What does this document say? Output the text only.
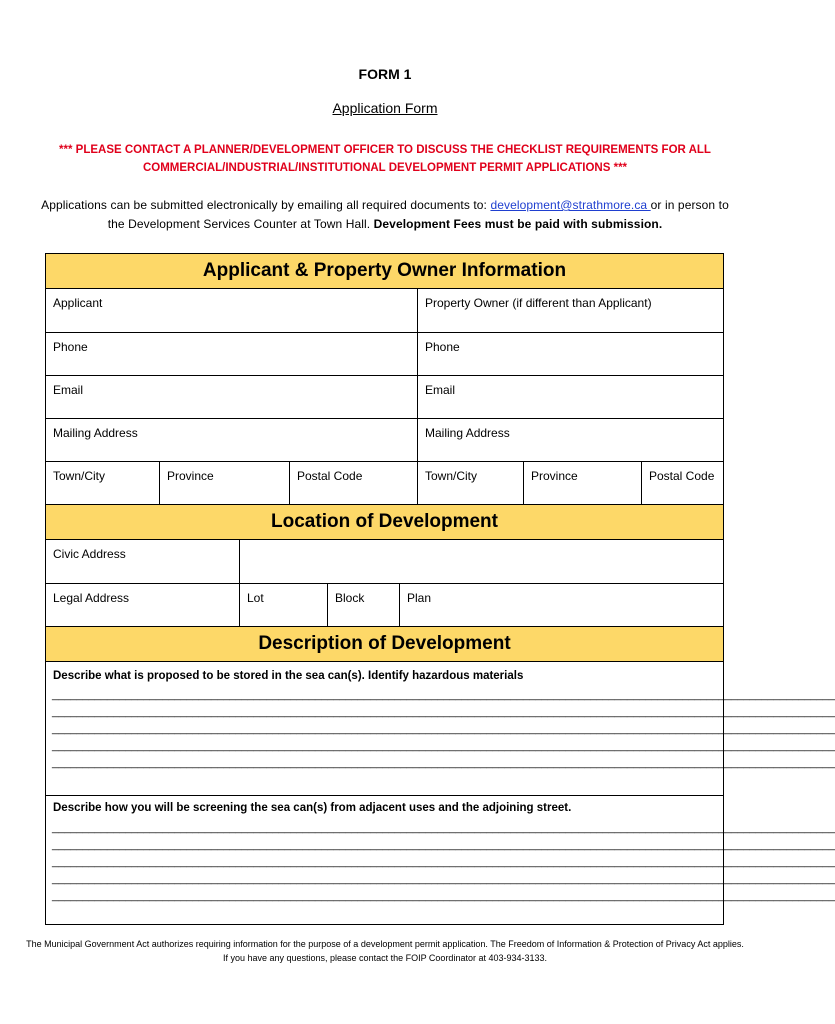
FORM 1
Application Form
*** PLEASE CONTACT A PLANNER/DEVELOPMENT OFFICER TO DISCUSS THE CHECKLIST REQUIREMENTS FOR ALL COMMERCIAL/INDUSTRIAL/INSTITUTIONAL DEVELOPMENT PERMIT APPLICATIONS ***
Applications can be submitted electronically by emailing all required documents to: development@strathmore.ca or in person to the Development Services Counter at Town Hall. Development Fees must be paid with submission.
Applicant & Property Owner Information
Applicant	Property Owner (if different than Applicant)
Phone	Phone
Email	Email
Mailing Address	Mailing Address
Town/City	Province	Postal Code	Town/City	Province	Postal Code
Location of Development
Civic Address
Legal Address	Lot	Block	Plan
Description of Development
Describe what is proposed to be stored in the sea can(s). Identify hazardous materials
________________________________________________________________________________________________________________________________
________________________________________________________________________________________________________________________________
________________________________________________________________________________________________________________________________
________________________________________________________________________________________________________________________________
________________________________________________________________________________________________________________________________
Describe how you will be screening the sea can(s) from adjacent uses and the adjoining street.
________________________________________________________________________________________________________________________________
________________________________________________________________________________________________________________________________
________________________________________________________________________________________________________________________________
________________________________________________________________________________________________________________________________
________________________________________________________________________________________________________________________________
The Municipal Government Act authorizes requiring information for the purpose of a development permit application. The Freedom of Information & Protection of Privacy Act applies.
If you have any questions, please contact the FOIP Coordinator at 403-934-3133.
